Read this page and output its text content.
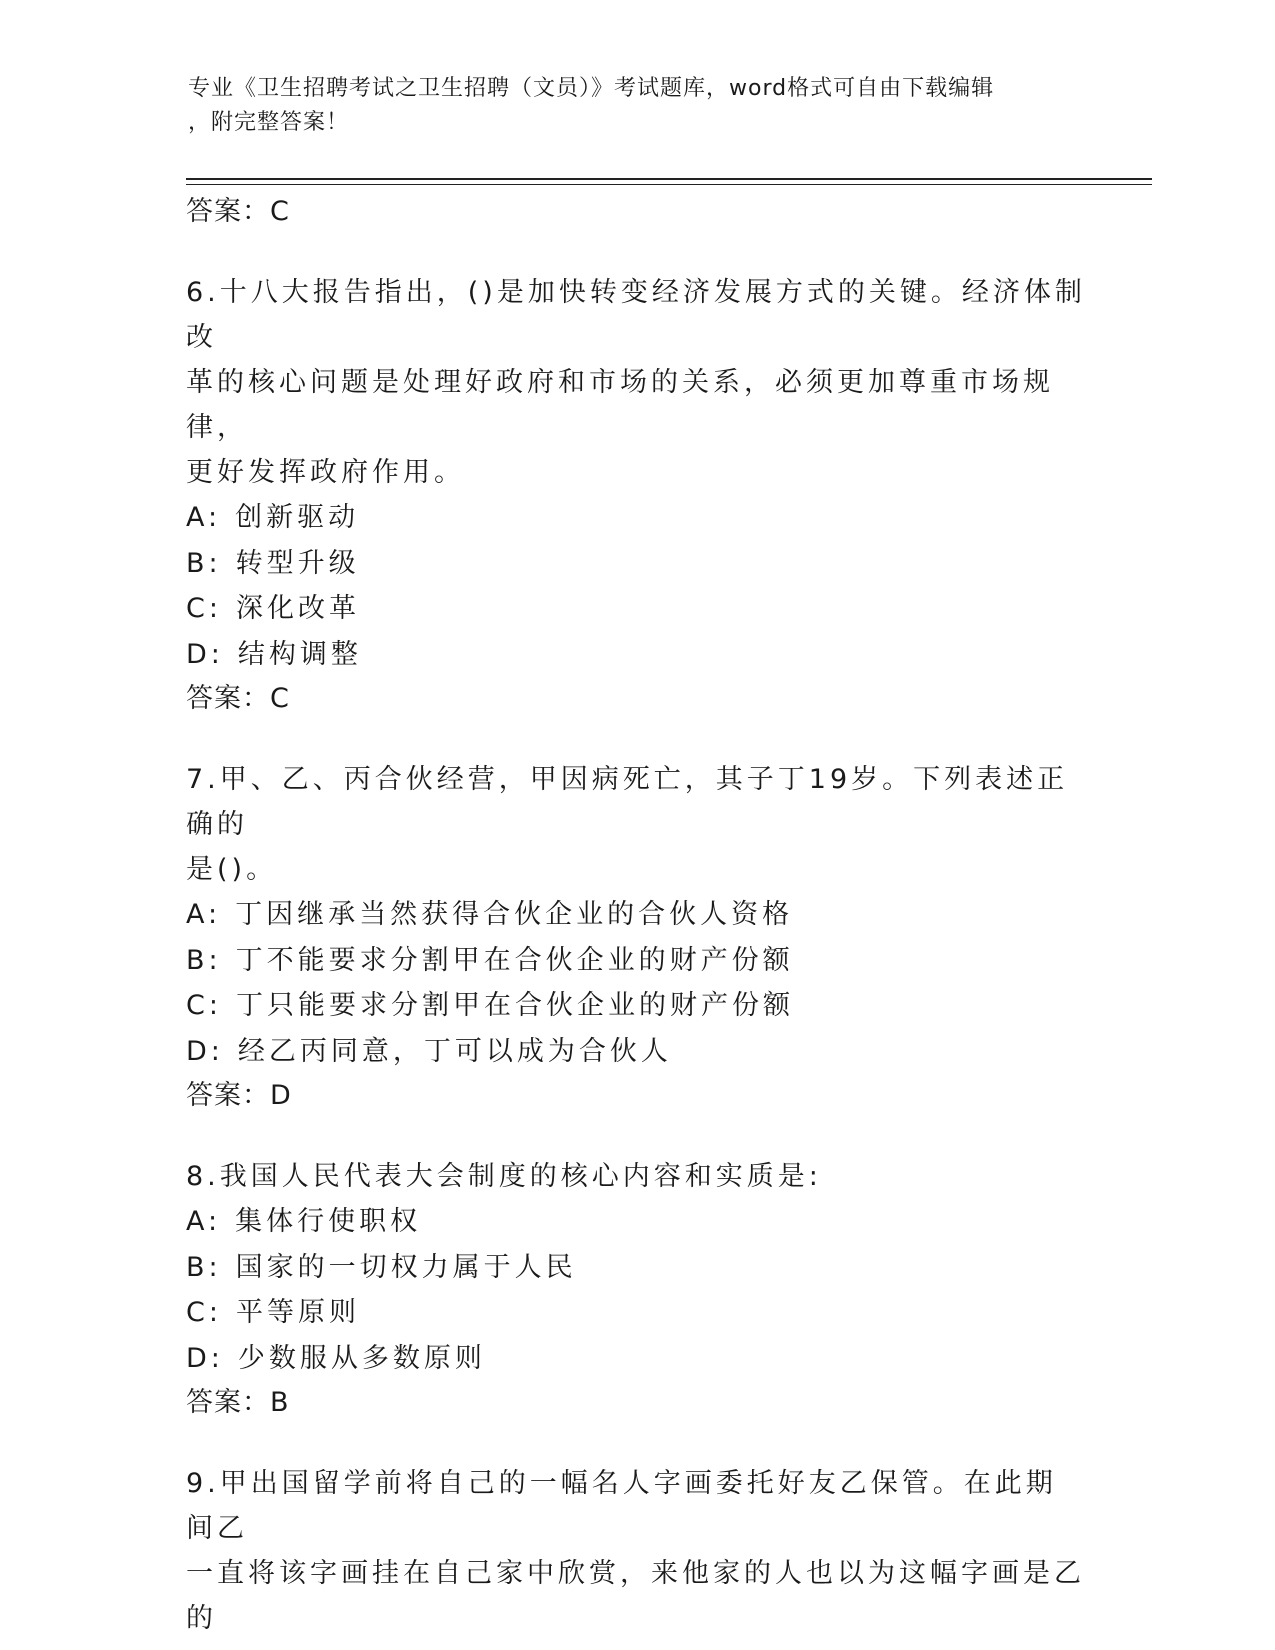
专业《卫生招聘考试之卫生招聘（文员）》考试题库，word格式可自由下载编辑
，附完整答案！
答案：C

6.十八大报告指出，()是加快转变经济发展方式的关键。经济体制改
革的核心问题是处理好政府和市场的关系，必须更加尊重市场规律，
更好发挥政府作用。

A: 创新驱动
B: 转型升级
C: 深化改革
D: 结构调整
答案：C

7.甲、乙、丙合伙经营，甲因病死亡，其子丁19岁。下列表述正确的
是()。

A: 丁因继承当然获得合伙企业的合伙人资格
B: 丁不能要求分割甲在合伙企业的财产份额
C: 丁只能要求分割甲在合伙企业的财产份额
D: 经乙丙同意，丁可以成为合伙人
答案：D

8.我国人民代表大会制度的核心内容和实质是:

A: 集体行使职权
B: 国家的一切权力属于人民
C: 平等原则
D: 少数服从多数原则
答案：B

9.甲出国留学前将自己的一幅名人字画委托好友乙保管。在此期间乙
一直将该字画挂在自己家中欣赏，来他家的人也以为这幅字画是乙的
